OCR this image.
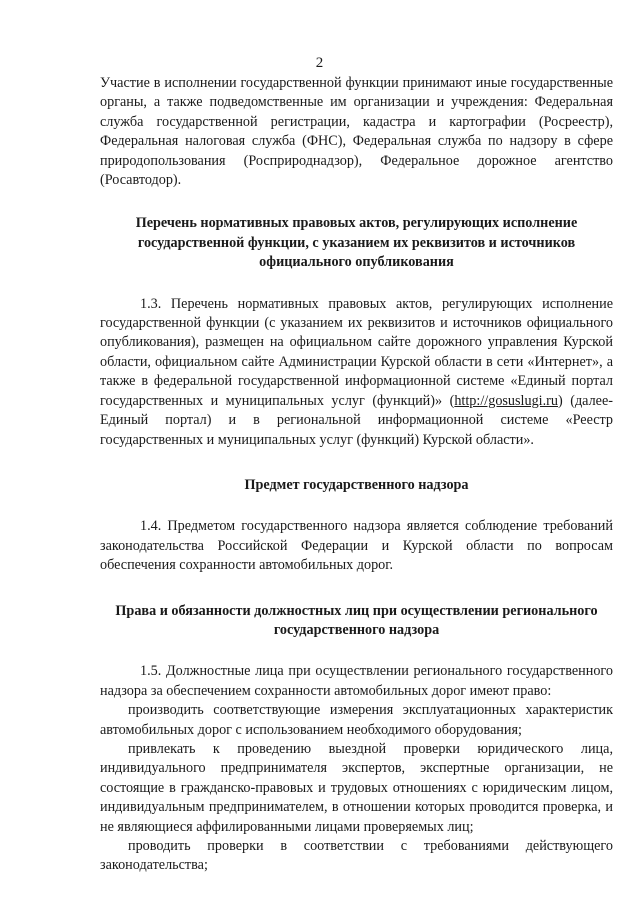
2

Участие в исполнении государственной функции принимают иные государственные органы, а также подведомственные им организации и учреждения: Федеральная служба государственной регистрации, кадастра и картографии (Росреестр), Федеральная налоговая служба (ФНС), Федеральная служба по надзору в сфере природопользования (Росприроднадзор), Федеральное дорожное агентство (Росавтодор).

Перечень нормативных правовых актов, регулирующих исполнение государственной функции, с указанием их реквизитов и источников официального опубликования

1.3. Перечень нормативных правовых актов, регулирующих исполнение государственной функции (с указанием их реквизитов и источников официального опубликования), размещен на официальном сайте дорожного управления Курской области, официальном сайте Администрации Курской области в сети «Интернет», а также в федеральной государственной информационной системе «Единый портал государственных и муниципальных услуг (функций)» (http://gosuslugi.ru) (далее-Единый портал) и в региональной информационной системе «Реестр государственных и муниципальных услуг (функций) Курской области».

Предмет государственного надзора

1.4. Предметом государственного надзора является соблюдение требований законодательства Российской Федерации и Курской области по вопросам обеспечения сохранности автомобильных дорог.

Права и обязанности должностных лиц при осуществлении регионального государственного надзора

1.5. Должностные лица при осуществлении регионального государственного надзора за обеспечением сохранности автомобильных дорог имеют право:

производить соответствующие измерения эксплуатационных характеристик автомобильных дорог с использованием необходимого оборудования;

привлекать к проведению выездной проверки юридического лица, индивидуального предпринимателя экспертов, экспертные организации, не состоящие в гражданско-правовых и трудовых отношениях с юридическим лицом, индивидуальным предпринимателем, в отношении которых проводится проверка, и не являющиеся аффилированными лицами проверяемых лиц;

проводить проверки в соответствии с требованиями действующего законодательства;
